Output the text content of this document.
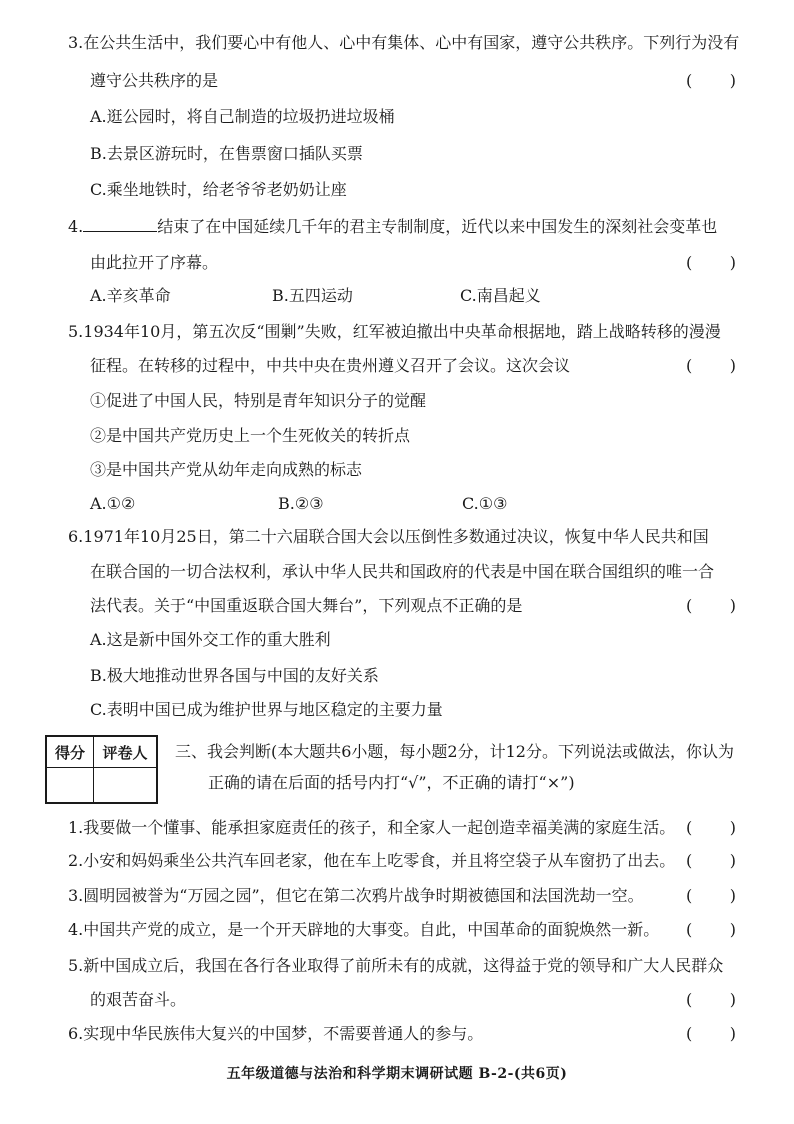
3.在公共生活中，我们要心中有他人、心中有集体、心中有国家，遵守公共秩序。下列行为没有
遵守公共秩序的是	(      )
A.逛公园时，将自己制造的垃圾扔进垃圾桶
B.去景区游玩时，在售票窗口插队买票
C.乘坐地铁时，给老爷爷老奶奶让座
4.	结束了在中国延续几千年的君主专制制度，近代以来中国发生的深刻社会变革也
由此拉开了序幕。	(      )
A.辛亥革命	B.五四运动	C.南昌起义
5.1934年10月，第五次反“围剿”失败，红军被迫撤出中央革命根据地，踏上战略转移的漫漫
征程。在转移的过程中，中共中央在贵州遵义召开了会议。这次会议	(      )
①促进了中国人民，特别是青年知识分子的觉醒
②是中国共产党历史上一个生死攸关的转折点
③是中国共产党从幼年走向成熟的标志
A.①②	B.②③	C.①③
6.1971年10月25日，第二十六届联合国大会以压倒性多数通过决议，恢复中华人民共和国
在联合国的一切合法权利，承认中华人民共和国政府的代表是中国在联合国组织的唯一合
法代表。关于“中国重返联合国大舞台”，下列观点不正确的是	(      )
A.这是新中国外交工作的重大胜利
B.极大地推动世界各国与中国的友好关系
C.表明中国已成为维护世界与地区稳定的主要力量
得分	评卷人
	三、我会判断(本大题共6小题，每小题2分，计12分。下列说法或做法，你认为
正确的请在后面的括号内打“√”，不正确的请打“×”)
1.我要做一个懂事、能承担家庭责任的孩子，和全家人一起创造幸福美满的家庭生活。 (      )
2.小安和妈妈乘坐公共汽车回老家，他在车上吃零食，并且将空袋子从车窗扔了出去。 (      )
3.圆明园被誉为“万园之园”，但它在第二次鸦片战争时期被德国和法国洗劫一空。	(      )
4.中国共产党的成立，是一个开天辟地的大事变。自此，中国革命的面貌焕然一新。 (      )
5.新中国成立后，我国在各行各业取得了前所未有的成就，这得益于党的领导和广大人民群众
的艰苦奋斗。	(      )
6.实现中华民族伟大复兴的中国梦，不需要普通人的参与。	(      )
五年级道德与法治和科学期末调研试题 B-2-(共6页)
